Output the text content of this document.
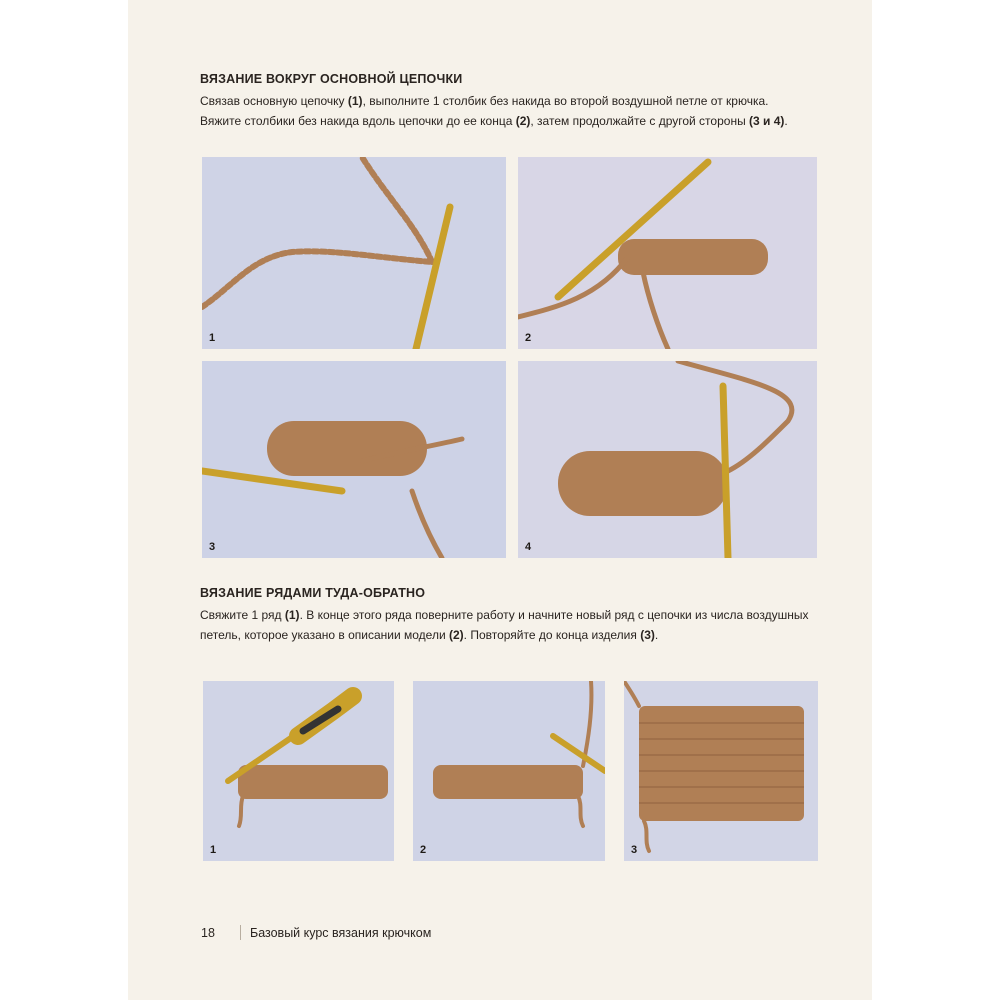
ВЯЗАНИЕ ВОКРУГ ОСНОВНОЙ ЦЕПОЧКИ
Связав основную цепочку (1), выполните 1 столбик без накида во второй воздушной петле от крючка.
Вяжите столбики без накида вдоль цепочки до ее конца (2), затем продолжайте с другой стороны (3 и 4).
1	2
3	4
ВЯЗАНИЕ РЯДАМИ ТУДА-ОБРАТНО
Свяжите 1 ряд (1). В конце этого ряда поверните работу и начните новый ряд с цепочки из числа воздушных
петель, которое указано в описании модели (2). Повторяйте до конца изделия (3).
1	2	3
18	Базовый курс вязания крючком
